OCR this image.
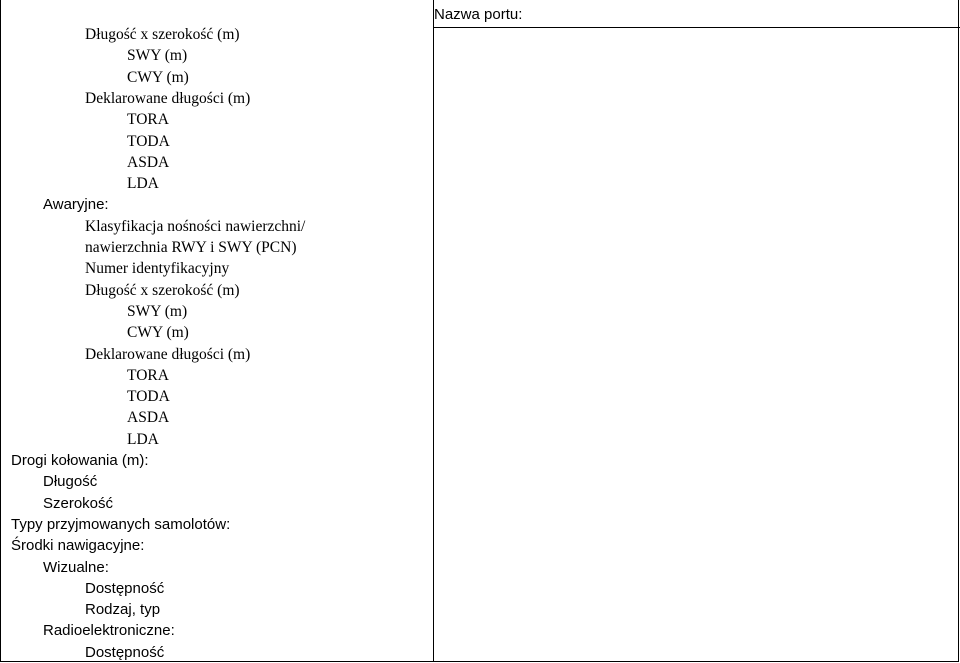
Nazwa portu:
Długość x szerokość (m)
SWY (m)
CWY (m)
Deklarowane długości (m)
TORA
TODA
ASDA
LDA
Awaryjne:
Klasyfikacja nośności nawierzchni/
nawierzchnia RWY i SWY (PCN)
Numer identyfikacyjny
Długość x szerokość (m)
SWY (m)
CWY (m)
Deklarowane długości (m)
TORA
TODA
ASDA
LDA
Drogi kołowania (m):
Długość
Szerokość
Typy przyjmowanych samolotów:
Środki nawigacyjne:
Wizualne:
Dostępność
Rodzaj, typ
Radioelektroniczne:
Dostępność
